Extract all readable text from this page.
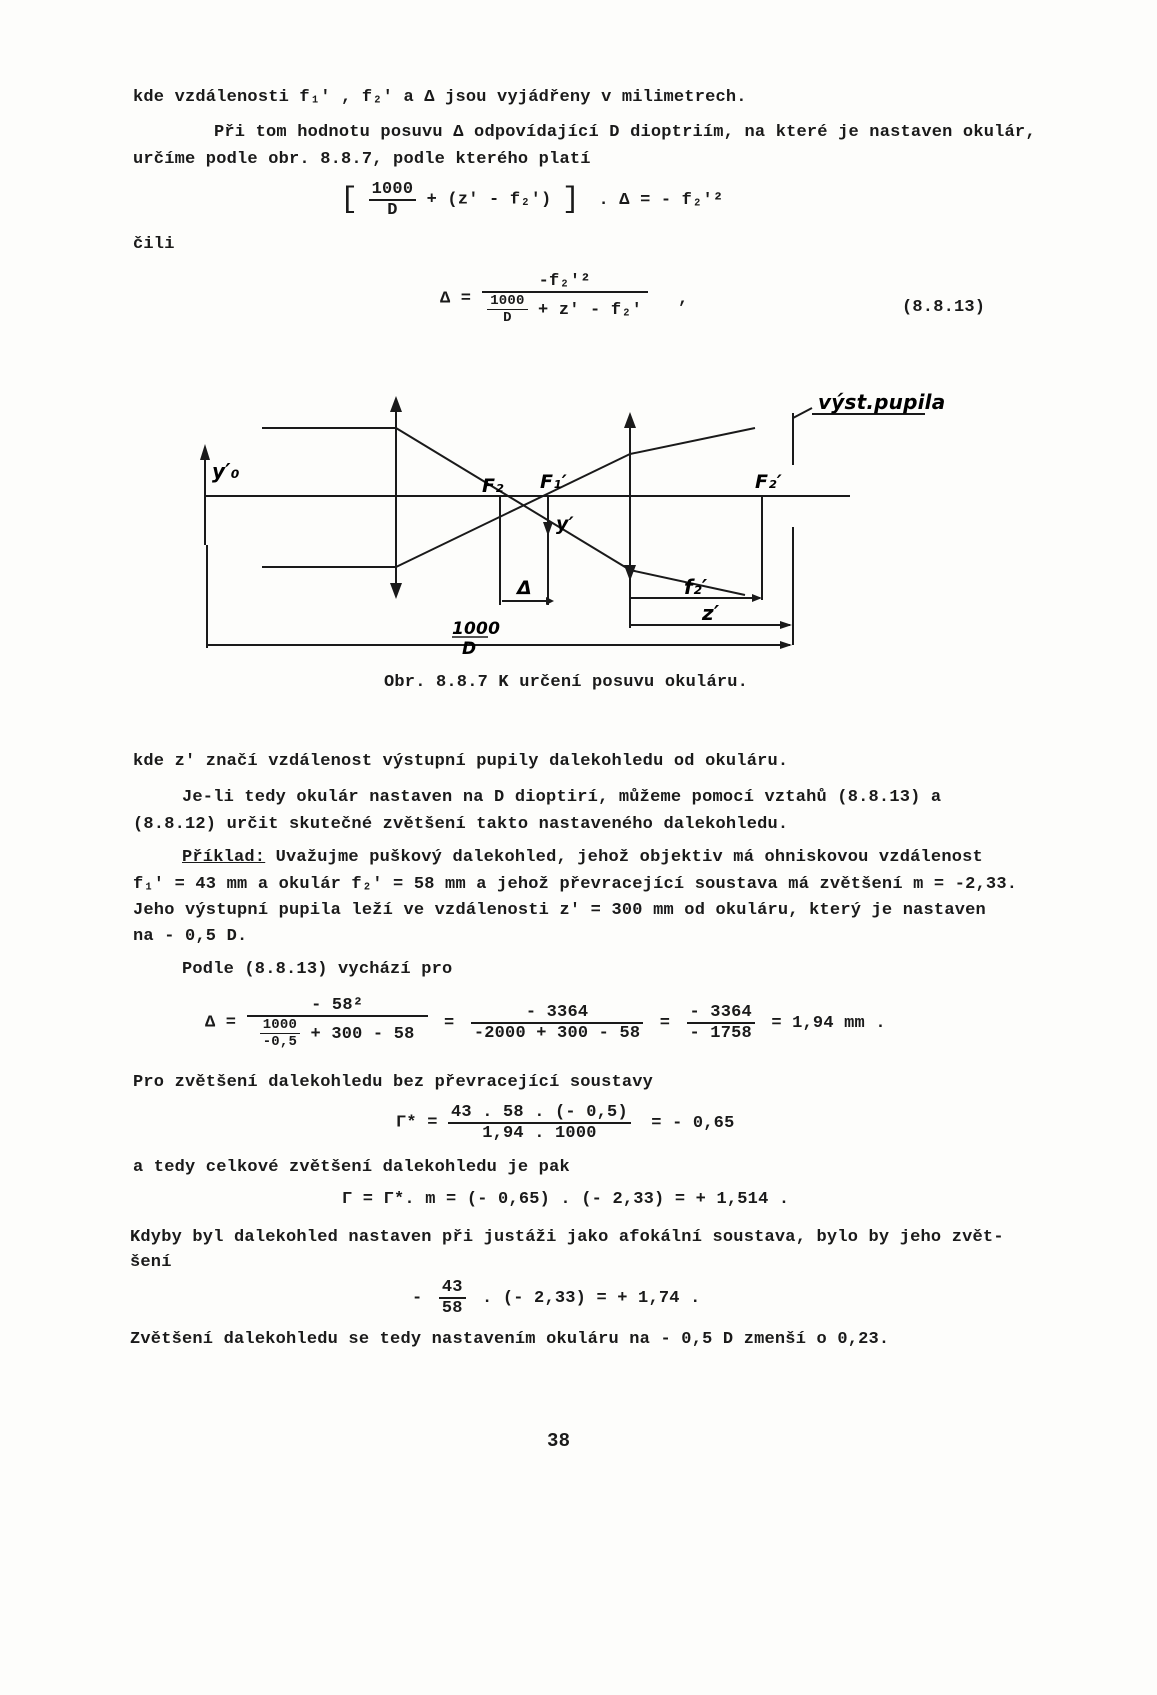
kde vzdálenosti f₁′ , f₂′ a Δ jsou vyjádřeny v milimetrech.
Při tom hodnotu posuvu Δ odpovídající D dioptriím, na které je nastaven okulár,
určíme podle obr. 8.8.7, podle kterého platí
[ $\frac{1000}{D} + (z' - f_2')$ ] . Δ = - f₂′²
čili
$\Delta = \frac{\text{-f₂′²}}{\frac{1000}{D} + z' - f_2'}$ ,	(8.8.13)
výst.pupila
y′₀
F₂ F₁′	F₂′
y′
Δ	f₂′
z′
1000
D
Obr. 8.8.7 K určení posuvu okuláru.
kde z′ značí vzdálenost výstupní pupily dalekohledu od okuláru.
Je-li tedy okulár nastaven na D dioptirí, můžeme pomocí vztahů (8.8.13) a
(8.8.12) určit skutečné zvětšení takto nastaveného dalekohledu.
Příklad: Uvažujme puškový dalekohled, jehož objektiv má ohniskovou vzdálenost
f₁′ = 43 mm a okulár f₂′ = 58 mm a jehož převracející soustava má zvětšení m = -2,33.
Jeho výstupní pupila leží ve vzdálenosti z′ = 300 mm od okuláru, který je nastaven
na - 0,5 D.
Podle (8.8.13) vychází pro
$\Delta = \frac{\text{- 58²}}{\frac{1000}{-0,5} + 300 - 58} = \frac{- 3364}{-2000 + 300 - 58} = \frac{- 3364}{- 1758} = 1,94$ mm .
Pro zvětšení dalekohledu bez převracející soustavy
$\Gamma* = \frac{43 . 58 . (- 0,5)}{1,94 . 1000}$ = - 0,65
a tedy celkové zvětšení dalekohledu je pak
Γ = Γ*. m = (- 0,65) . (- 2,33) = + 1,514 .
Kdyby byl dalekohled nastaven při justáži jako afokální soustava, bylo by jeho zvět-
šení
- $\frac{43}{58}$ . (- 2,33) = + 1,74 .
Zvětšení dalekohledu se tedy nastavením okuláru na - 0,5 D zmenší o 0,23.
38
